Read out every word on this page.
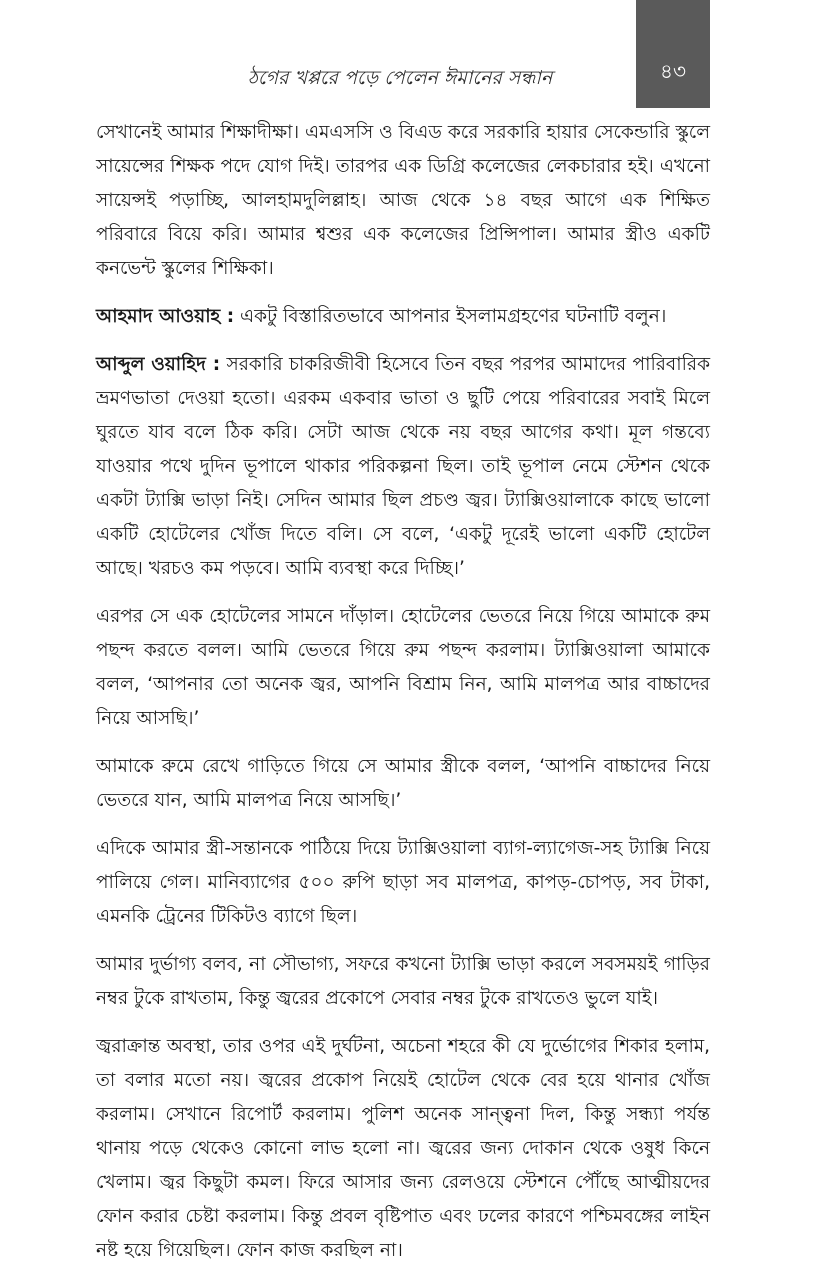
ঠগের খপ্পরে পড়ে পেলেন ঈমানের সন্ধান	৪৩

সেখানেই আমার শিক্ষাদীক্ষা। এমএসসি ও বিএড করে সরকারি হায়ার সেকেন্ডারি স্কুলে সায়েন্সের শিক্ষক পদে যোগ দিই। তারপর এক ডিগ্রি কলেজের লেকচারার হই। এখনো সায়েন্সই পড়াচ্ছি, আলহামদুলিল্লাহ। আজ থেকে ১৪ বছর আগে এক শিক্ষিত পরিবারে বিয়ে করি। আমার শ্বশুর এক কলেজের প্রিন্সিপাল। আমার স্ত্রীও একটি কনভেন্ট স্কুলের শিক্ষিকা।

আহমাদ আওয়াহ : একটু বিস্তারিতভাবে আপনার ইসলামগ্রহণের ঘটনাটি বলুন।

আব্দুল ওয়াহিদ : সরকারি চাকরিজীবী হিসেবে তিন বছর পরপর আমাদের পারিবারিক ভ্রমণভাতা দেওয়া হতো। এরকম একবার ভাতা ও ছুটি পেয়ে পরিবারের সবাই মিলে ঘুরতে যাব বলে ঠিক করি। সেটা আজ থেকে নয় বছর আগের কথা। মূল গন্তব্যে যাওয়ার পথে দুদিন ভূপালে থাকার পরিকল্পনা ছিল। তাই ভূপাল নেমে স্টেশন থেকে একটা ট্যাক্সি ভাড়া নিই। সেদিন আমার ছিল প্রচণ্ড জ্বর। ট্যাক্সিওয়ালাকে কাছে ভালো একটি হোটেলের খোঁজ দিতে বলি। সে বলে, ‘একটু দূরেই ভালো একটি হোটেল আছে। খরচও কম পড়বে। আমি ব্যবস্থা করে দিচ্ছি।’

এরপর সে এক হোটেলের সামনে দাঁড়াল। হোটেলের ভেতরে নিয়ে গিয়ে আমাকে রুম পছন্দ করতে বলল। আমি ভেতরে গিয়ে রুম পছন্দ করলাম। ট্যাক্সিওয়ালা আমাকে বলল, ‘আপনার তো অনেক জ্বর, আপনি বিশ্রাম নিন, আমি মালপত্র আর বাচ্চাদের নিয়ে আসছি।’

আমাকে রুমে রেখে গাড়িতে গিয়ে সে আমার স্ত্রীকে বলল, ‘আপনি বাচ্চাদের নিয়ে ভেতরে যান, আমি মালপত্র নিয়ে আসছি।’

এদিকে আমার স্ত্রী-সন্তানকে পাঠিয়ে দিয়ে ট্যাক্সিওয়ালা ব্যাগ-ল্যাগেজ-সহ ট্যাক্সি নিয়ে পালিয়ে গেল। মানিব্যাগের ৫০০ রুপি ছাড়া সব মালপত্র, কাপড়-চোপড়, সব টাকা, এমনকি ট্রেনের টিকিটও ব্যাগে ছিল।

আমার দুর্ভাগ্য বলব, না সৌভাগ্য, সফরে কখনো ট্যাক্সি ভাড়া করলে সবসময়ই গাড়ির নম্বর টুকে রাখতাম, কিন্তু জ্বরের প্রকোপে সেবার নম্বর টুকে রাখতেও ভুলে যাই।

জ্বরাক্রান্ত অবস্থা, তার ওপর এই দুর্ঘটনা, অচেনা শহরে কী যে দুর্ভোগের শিকার হলাম, তা বলার মতো নয়। জ্বরের প্রকোপ নিয়েই হোটেল থেকে বের হয়ে থানার খোঁজ করলাম। সেখানে রিপোর্ট করলাম। পুলিশ অনেক সান্ত্বনা দিল, কিন্তু সন্ধ্যা পর্যন্ত থানায় পড়ে থেকেও কোনো লাভ হলো না। জ্বরের জন্য দোকান থেকে ওষুধ কিনে খেলাম। জ্বর কিছুটা কমল। ফিরে আসার জন্য রেলওয়ে স্টেশনে পৌঁছে আত্মীয়দের ফোন করার চেষ্টা করলাম। কিন্তু প্রবল বৃষ্টিপাত এবং ঢলের কারণে পশ্চিমবঙ্গের লাইন নষ্ট হয়ে গিয়েছিল। ফোন কাজ করছিল না।
